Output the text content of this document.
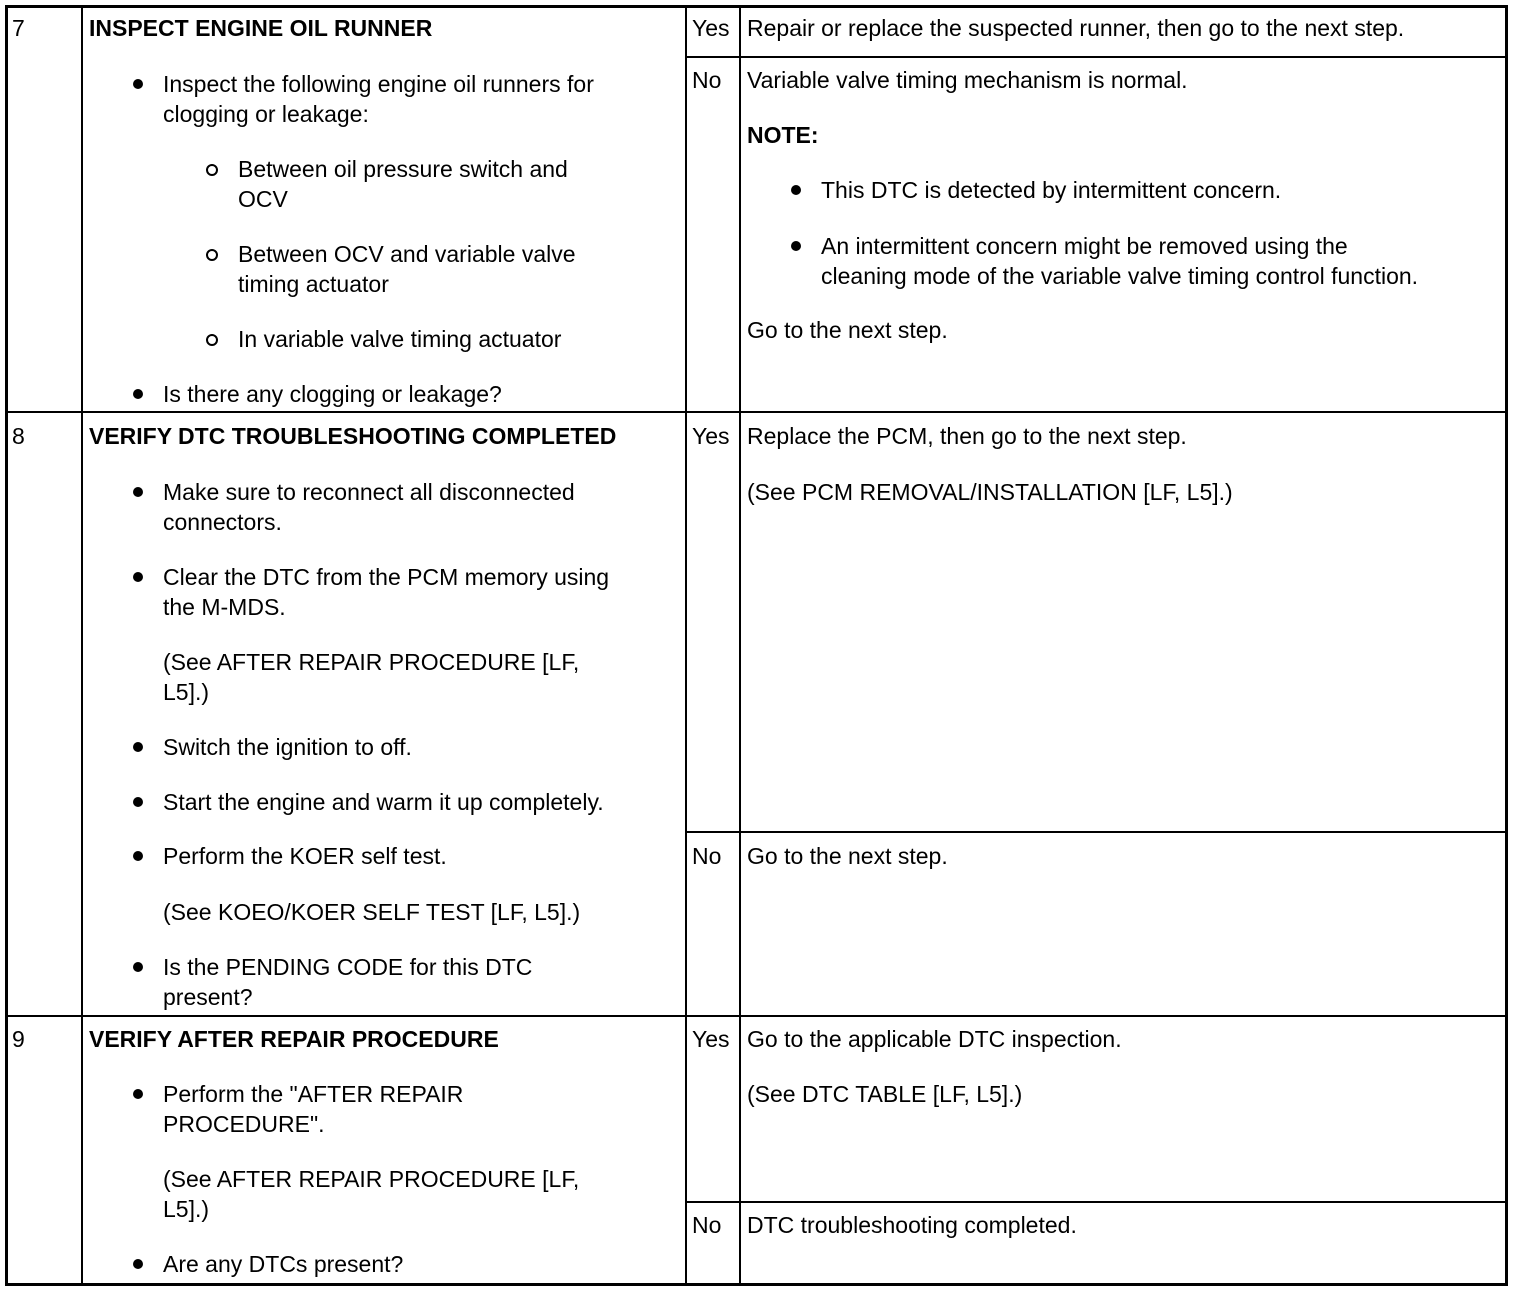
7	INSPECT ENGINE OIL RUNNER
Inspect the following engine oil runners for
clogging or leakage:
Between oil pressure switch and
OCV
Between OCV and variable valve
timing actuator
In variable valve timing actuator
Is there any clogging or leakage?
Yes Repair or replace the suspected runner, then go to the next step.
No Variable valve timing mechanism is normal.
NOTE:
This DTC is detected by intermittent concern.
An intermittent concern might be removed using the
cleaning mode of the variable valve timing control function.
Go to the next step.
8	VERIFY DTC TROUBLESHOOTING COMPLETED
Make sure to reconnect all disconnected
connectors.
Clear the DTC from the PCM memory using
the M-MDS.
(See AFTER REPAIR PROCEDURE [LF,
L5].)
Switch the ignition to off.
Start the engine and warm it up completely.
Perform the KOER self test.
(See KOEO/KOER SELF TEST [LF, L5].)
Is the PENDING CODE for this DTC
present?
Yes Replace the PCM, then go to the next step.
(See PCM REMOVAL/INSTALLATION [LF, L5].)
No Go to the next step.
9	VERIFY AFTER REPAIR PROCEDURE
Perform the "AFTER REPAIR
PROCEDURE".
(See AFTER REPAIR PROCEDURE [LF,
L5].)
Are any DTCs present?
Yes Go to the applicable DTC inspection.
(See DTC TABLE [LF, L5].)
No DTC troubleshooting completed.
